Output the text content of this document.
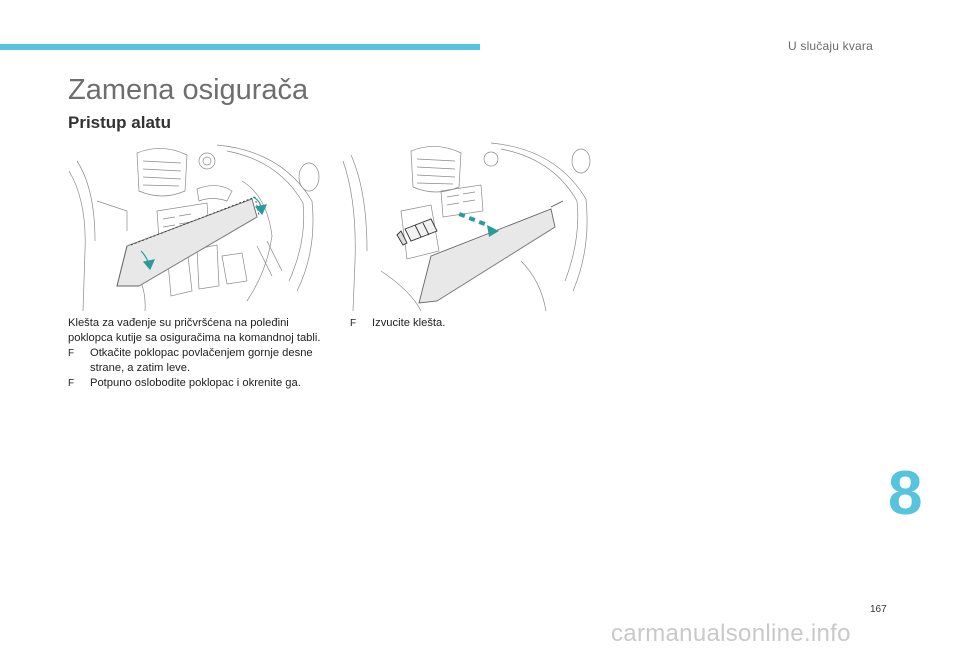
U slučaju kvara
Zamena osigurača
Pristup alatu

Klešta za vađenje su pričvršćena na poleđini poklopca kutije sa osiguračima na komandnoj tabli.

F Otkačite poklopac povlačenjem gornje desne strane, a zatim leve.

F Potpuno oslobodite poklopac i okrenite ga.

F Izvucite klešta.

8
167
carmanualsonline.info
